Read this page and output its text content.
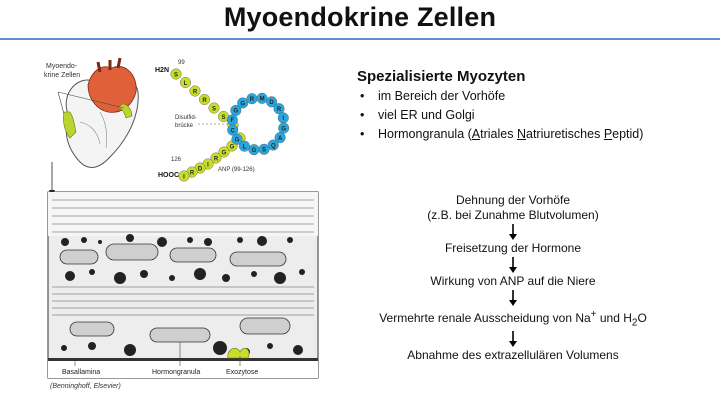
Myoendokrine Zellen
Myoendo-
krine Zellen
H2N
99
126
HOOC
Disulfid-
brücke
ANP (99-126)
S
L
R
R
S
S
G
G
R
I
D
R
I
F
G
G
R M
D
R
I
G
A
Q
S
G
L
G
C
Basallamina	Hormongranula	Exozytose
(Benninghoff, Elsevier)
Spezialisierte Myozyten
• im Bereich der Vorhöfe
• viel ER und Golgi
• Hormongranula (Atriales Natriuretisches Peptid)
Dehnung der Vorhöfe
(z.B. bei Zunahme Blutvolumen)
Freisetzung der Hormone
Wirkung von ANP auf die Niere
Vermehrte renale Ausscheidung von Na+ und $H_2O$
Abnahme des extrazellulären Volumens
